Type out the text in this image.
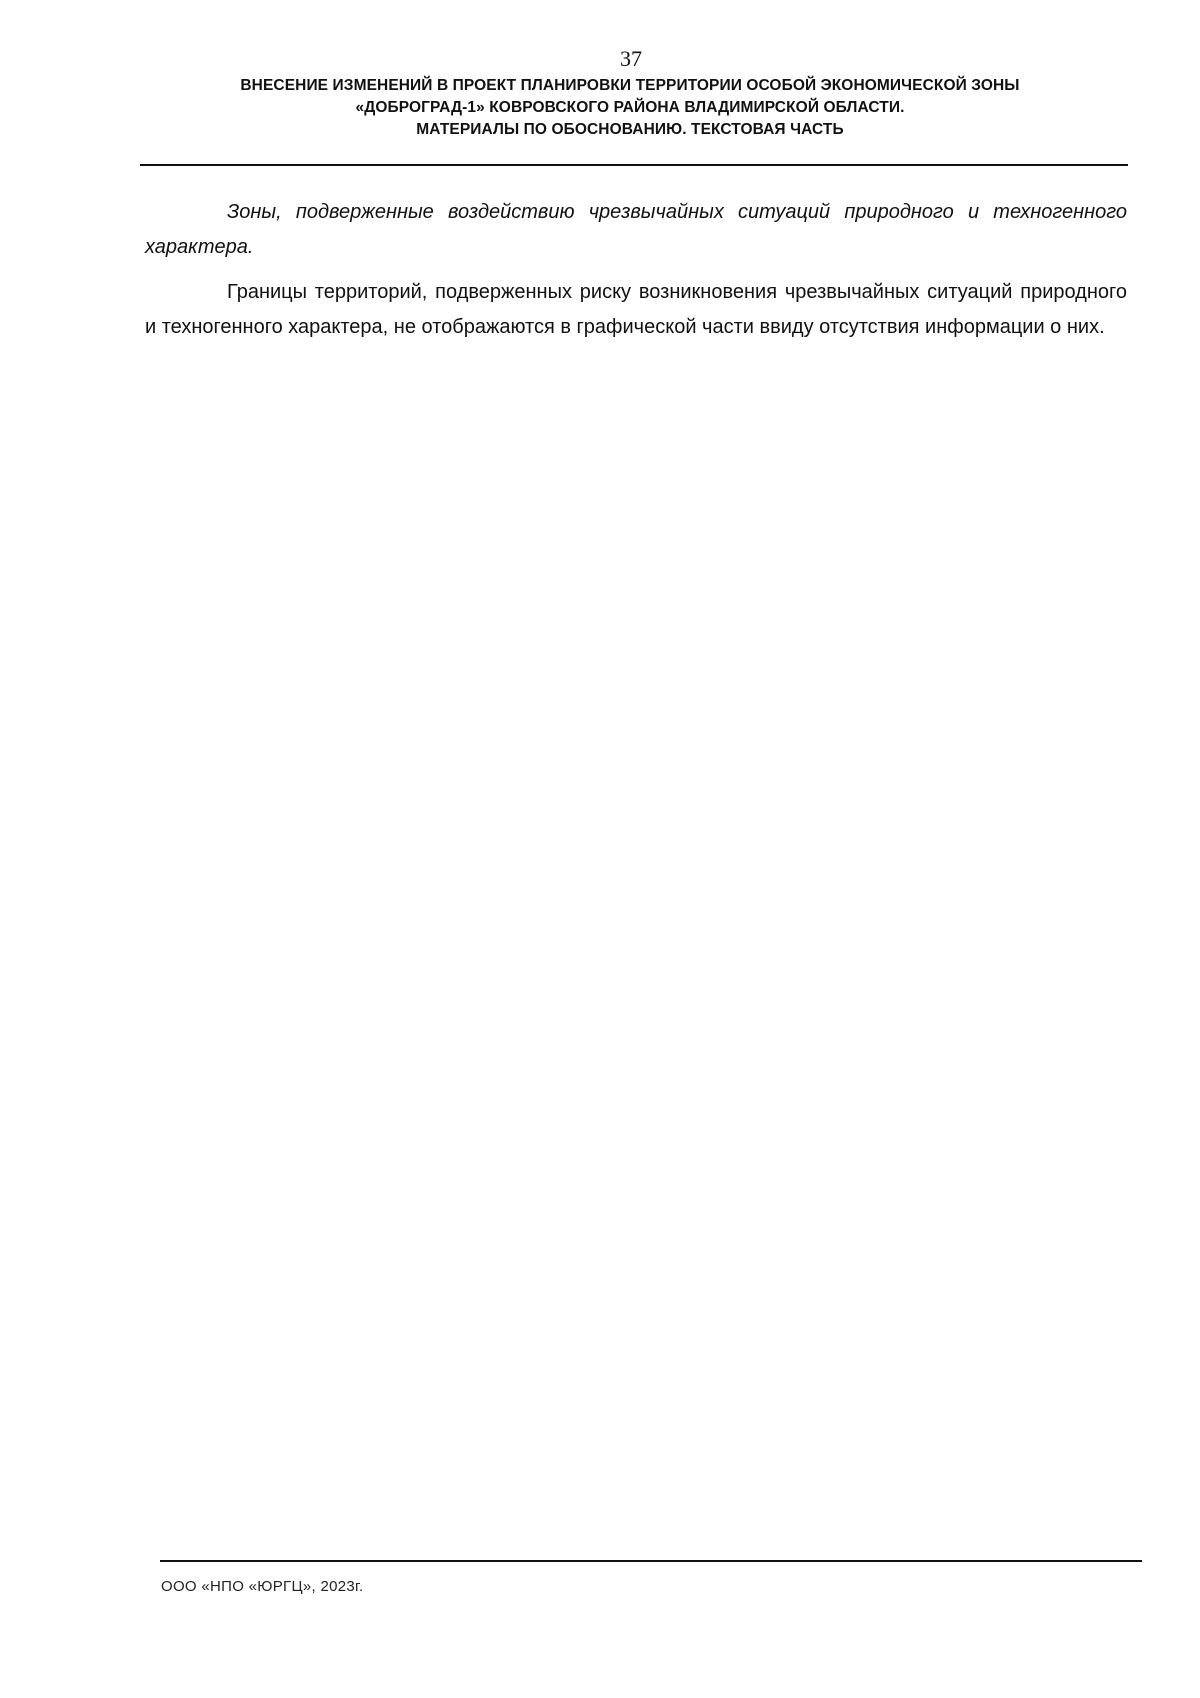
37
ВНЕСЕНИЕ ИЗМЕНЕНИЙ В ПРОЕКТ ПЛАНИРОВКИ ТЕРРИТОРИИ ОСОБОЙ ЭКОНОМИЧЕСКОЙ ЗОНЫ
«ДОБРОГРАД-1» КОВРОВСКОГО РАЙОНА ВЛАДИМИРСКОЙ ОБЛАСТИ.
МАТЕРИАЛЫ ПО ОБОСНОВАНИЮ. ТЕКСТОВАЯ ЧАСТЬ

Зоны, подверженные воздействию чрезвычайных ситуаций природного и техногенного характера.

Границы территорий, подверженных риску возникновения чрезвычайных ситуаций природного и техногенного характера, не отображаются в графической части ввиду отсутствия информации о них.

ООО «НПО «ЮРГЦ», 2023г.
